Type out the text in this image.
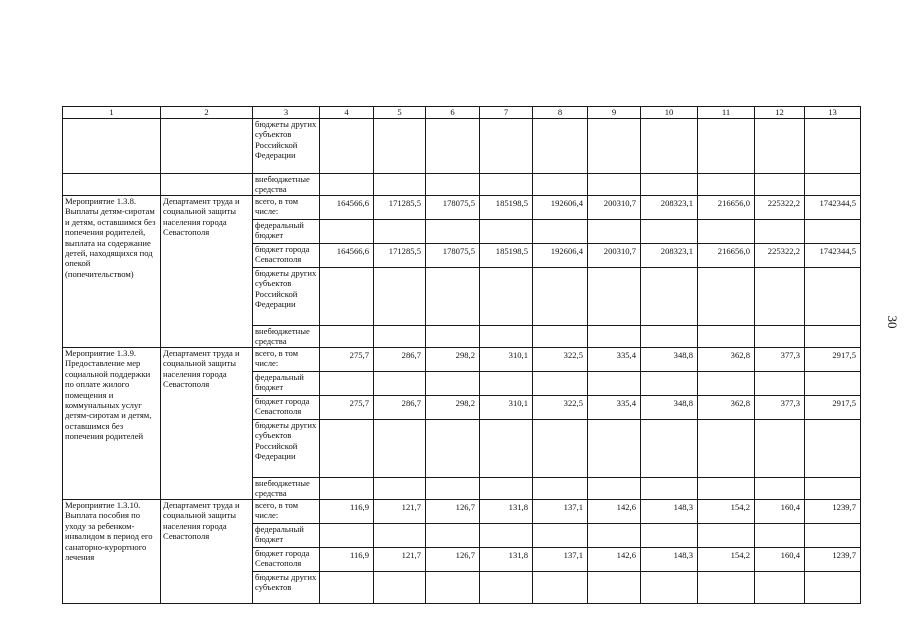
1	2	3	4	5	6	7	8	9	10	11	12	13
		бюджеты других субъектов Российской Федерации										
		внебюджетные средства										
Мероприятие 1.3.8. Выплаты детям-сиротам и детям, оставшимся без попечения родителей, выплата на содержание детей, находящихся под опекой (попечительством)	Департамент труда и социальной защиты населения города Севастополя	всего, в том числе:	164566,6	171285,5	178075,5	185198,5	192606,4	200310,7	208323,1	216656,0	225322,2	1742344,5
		федеральный бюджет										
		бюджет города Севастополя	164566,6	171285,5	178075,5	185198,5	192606,4	200310,7	208323,1	216656,0	225322,2	1742344,5
		бюджеты других субъектов Российской Федерации										
		внебюджетные средства										
Мероприятие 1.3.9. Предоставление мер социальной поддержки по оплате жилого помещения и коммунальных услуг детям-сиротам и детям, оставшимся без попечения родителей	Департамент труда и социальной защиты населения города Севастополя	всего, в том числе:	275,7	286,7	298,2	310,1	322,5	335,4	348,8	362,8	377,3	2917,5
		федеральный бюджет										
		бюджет города Севастополя	275,7	286,7	298,2	310,1	322,5	335,4	348,8	362,8	377,3	2917,5
		бюджеты других субъектов Российской Федерации										
		внебюджетные средства										
Мероприятие 1.3.10. Выплата пособия по уходу за ребенком-инвалидом в период его санаторно-курортного лечения	Департамент труда и социальной защиты населения города Севастополя	всего, в том числе:	116,9	121,7	126,7	131,8	137,1	142,6	148,3	154,2	160,4	1239,7
		федеральный бюджет										
		бюджет города Севастополя	116,9	121,7	126,7	131,8	137,1	142,6	148,3	154,2	160,4	1239,7
		бюджеты других субъектов										
30
